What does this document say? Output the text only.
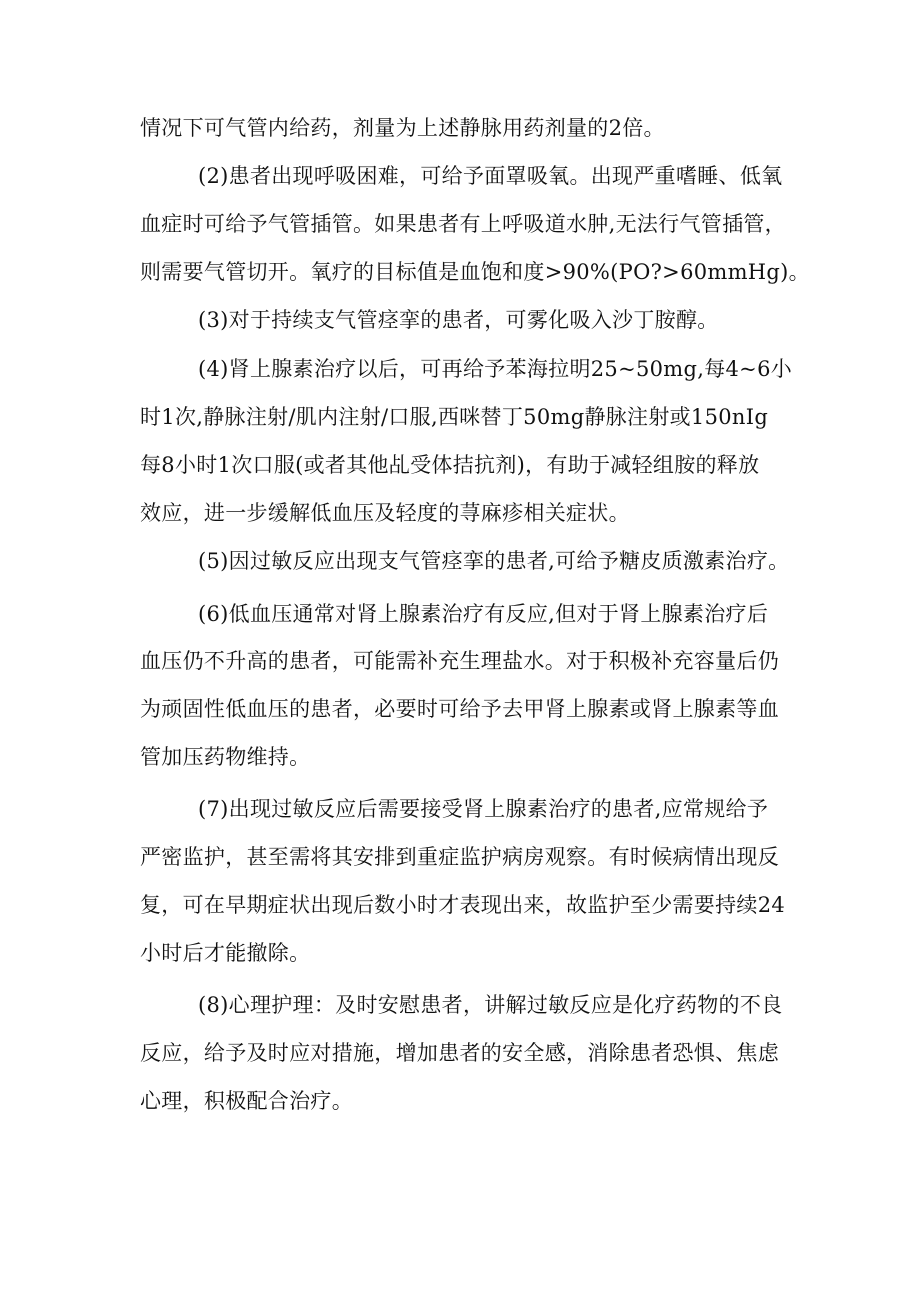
情况下可气管内给药，剂量为上述静脉用药剂量的2倍。
(2)患者出现呼吸困难，可给予面罩吸氧。出现严重嗜睡、低氧
血症时可给予气管插管。如果患者有上呼吸道水肿,无法行气管插管，
则需要气管切开。氧疗的目标值是血饱和度>90%(PO?>60mmHg)。
(3)对于持续支气管痉挛的患者，可雾化吸入沙丁胺醇。
(4)肾上腺素治疗以后，可再给予苯海拉明25~50mg,每4~6小
时1次,静脉注射/肌内注射/口服,西咪替丁50mg静脉注射或150nIg
每8小时1次口服(或者其他乩受体拮抗剂)，有助于减轻组胺的释放
效应，进一步缓解低血压及轻度的荨麻疹相关症状。
(5)因过敏反应出现支气管痉挛的患者,可给予糖皮质激素治疗。
(6)低血压通常对肾上腺素治疗有反应,但对于肾上腺素治疗后
血压仍不升高的患者，可能需补充生理盐水。对于积极补充容量后仍
为顽固性低血压的患者，必要时可给予去甲肾上腺素或肾上腺素等血
管加压药物维持。
(7)出现过敏反应后需要接受肾上腺素治疗的患者,应常规给予
严密监护，甚至需将其安排到重症监护病房观察。有时候病情出现反
复，可在早期症状出现后数小时才表现出来，故监护至少需要持续24
小时后才能撤除。
(8)心理护理：及时安慰患者，讲解过敏反应是化疗药物的不良
反应，给予及时应对措施，增加患者的安全感，消除患者恐惧、焦虑
心理，积极配合治疗。
